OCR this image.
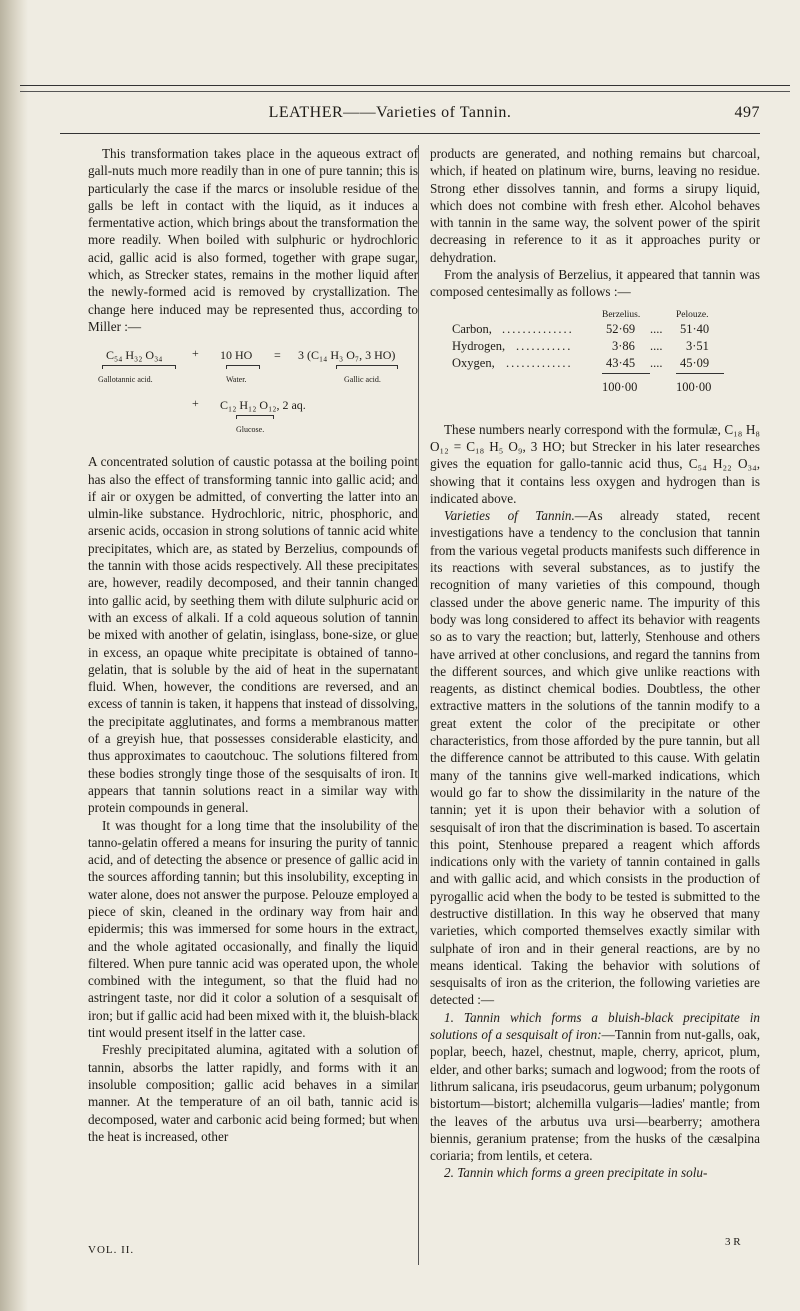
LEATHER——Varieties of Tannin.	497

This transformation takes place in the aqueous extract of gall-nuts much more readily than in one of pure tannin; this is particularly the case if the marcs or insoluble residue of the galls be left in contact with the liquid, as it induces a fermentative action, which brings about the transformation the more readily. When boiled with sulphuric or hydrochloric acid, gallic acid is also formed, together with grape sugar, which, as Strecker states, remains in the mother liquid after the newly-formed acid is removed by crystallization. The change here induced may be represented thus, according to Miller :—

C₅₄ H₃₂ O₃₄ + 10 HO = 3 (C₁₄ H₃ O₇, 3 HO)
Gallotannic acid.	Water.	Gallic acid.
+ C₁₂ H₁₂ O₁₂, 2 aq.
Glucose.

A concentrated solution of caustic potassa at the boiling point has also the effect of transforming tannic into gallic acid; and if air or oxygen be admitted, of converting the latter into an ulmin-like substance. Hydrochloric, nitric, phosphoric, and arsenic acids, occasion in strong solutions of tannic acid white precipitates, which are, as stated by Berzelius, compounds of the tannin with those acids respectively. All these precipitates are, however, readily decomposed, and their tannin changed into gallic acid, by seething them with dilute sulphuric acid or with an excess of alkali. If a cold aqueous solution of tannin be mixed with another of gelatin, isinglass, bone-size, or glue in excess, an opaque white precipitate is obtained of tanno-gelatin, that is soluble by the aid of heat in the supernatant fluid. When, however, the conditions are reversed, and an excess of tannin is taken, it happens that instead of dissolving, the precipitate agglutinates, and forms a membranous matter of a greyish hue, that possesses considerable elasticity, and thus approximates to caoutchouc. The solutions filtered from these bodies strongly tinge those of the sesquisalts of iron. It appears that tannin solutions react in a similar way with protein compounds in general.

It was thought for a long time that the insolubility of the tanno-gelatin offered a means for insuring the purity of tannic acid, and of detecting the absence or presence of gallic acid in the sources affording tannin; but this insolubility, excepting in water alone, does not answer the purpose. Pelouze employed a piece of skin, cleaned in the ordinary way from hair and epidermis; this was immersed for some hours in the extract, and the whole agitated occasionally, and finally the liquid filtered. When pure tannic acid was operated upon, the whole combined with the integument, so that the fluid had no astringent taste, nor did it color a solution of a sesquisalt of iron; but if gallic acid had been mixed with it, the bluish-black tint would present itself in the latter case.

Freshly precipitated alumina, agitated with a solution of tannin, absorbs the latter rapidly, and forms with it an insoluble composition; gallic acid behaves in a similar manner. At the temperature of an oil bath, tannic acid is decomposed, water and carbonic acid being formed; but when the heat is increased, other

products are generated, and nothing remains but charcoal, which, if heated on platinum wire, burns, leaving no residue. Strong ether dissolves tannin, and forms a sirupy liquid, which does not combine with fresh ether. Alcohol behaves with tannin in the same way, the solvent power of the spirit decreasing in reference to it as it approaches purity or dehydration.

From the analysis of Berzelius, it appeared that tannin was composed centesimally as follows :—

Berzelius.	Pelouze.
Carbon, ..............	52·69 .... 51·40
Hydrogen, ...........	3·86 .... 3·51
Oxygen, .............	43·45 .... 45·09
100·00	100·00

These numbers nearly correspond with the formulæ, C₁₈ H₈ O₁₂ = C₁₈ H₅ O₉, 3 HO; but Strecker in his later researches gives the equation for gallo-tannic acid thus, C₅₄ H₂₂ O₃₄, showing that it contains less oxygen and hydrogen than is indicated above.

Varieties of Tannin.—As already stated, recent investigations have a tendency to the conclusion that tannin from the various vegetal products manifests such difference in its reactions with several substances, as to justify the recognition of many varieties of this compound, though classed under the above generic name. The impurity of this body was long considered to affect its behavior with reagents so as to vary the reaction; but, latterly, Stenhouse and others have arrived at other conclusions, and regard the tannins from the different sources, and which give unlike reactions with reagents, as distinct chemical bodies. Doubtless, the other extractive matters in the solutions of the tannin modify to a great extent the color of the precipitate or other characteristics, from those afforded by the pure tannin, but all the difference cannot be attributed to this cause. With gelatin many of the tannins give well-marked indications, which would go far to show the dissimilarity in the nature of the tannin; yet it is upon their behavior with a solution of sesquisalt of iron that the discrimination is based. To ascertain this point, Stenhouse prepared a reagent which affords indications only with the variety of tannin contained in galls and with gallic acid, and which consists in the production of pyrogallic acid when the body to be tested is submitted to the destructive distillation. In this way he observed that many varieties, which comported themselves exactly similar with sulphate of iron and in their general reactions, are by no means identical. Taking the behavior with solutions of sesquisalts of iron as the criterion, the following varieties are detected :—

1. Tannin which forms a bluish-black precipitate in solutions of a sesquisalt of iron:—Tannin from nut-galls, oak, poplar, beech, hazel, chestnut, maple, cherry, apricot, plum, elder, and other barks; sumach and logwood; from the roots of lithrum salicana, iris pseudacorus, geum urbanum; polygonum bistortum—bistort; alchemilla vulgaris—ladies' mantle; from the leaves of the arbutus uva ursi—bearberry; amothera biennis, geranium pratense; from the husks of the cæsalpina coriaria; from lentils, et cetera.

2. Tannin which forms a green precipitate in solu-

VOL. II.
3 R
